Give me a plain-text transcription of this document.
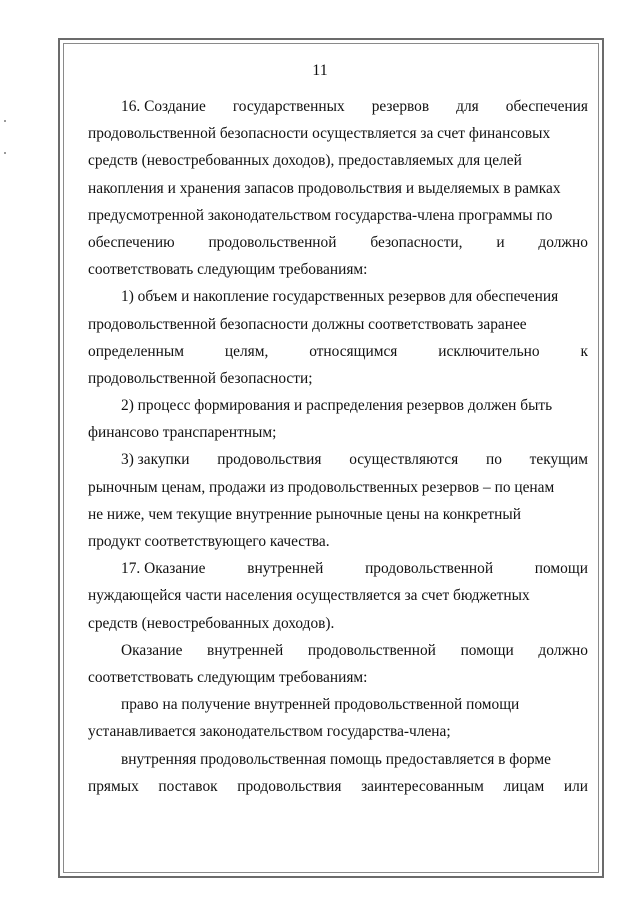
11
16. Создание государственных резервов для обеспечения
продовольственной безопасности осуществляется за счет финансовых
средств (невостребованных доходов), предоставляемых для целей
накопления и хранения запасов продовольствия и выделяемых в рамках
предусмотренной законодательством государства-члена программы по
обеспечению продовольственной безопасности, и должно
соответствовать следующим требованиям:
1) объем и накопление государственных резервов для обеспечения
продовольственной безопасности должны соответствовать заранее
определенным	целям,	относящимся	исключительно	к
продовольственной безопасности;
2) процесс формирования и распределения резервов должен быть
финансово транспарентным;
3) закупки продовольствия осуществляются по текущим
рыночным ценам, продажи из продовольственных резервов – по ценам
не ниже, чем текущие внутренние рыночные цены на конкретный
продукт соответствующего качества.
17. Оказание	внутренней	продовольственной	помощи
нуждающейся части населения осуществляется за счет бюджетных
средств (невостребованных доходов).
Оказание внутренней продовольственной помощи должно
соответствовать следующим требованиям:
право на получение внутренней продовольственной помощи
устанавливается законодательством государства-члена;
внутренняя продовольственная помощь предоставляется в форме
прямых поставок продовольствия заинтересованным лицам или
